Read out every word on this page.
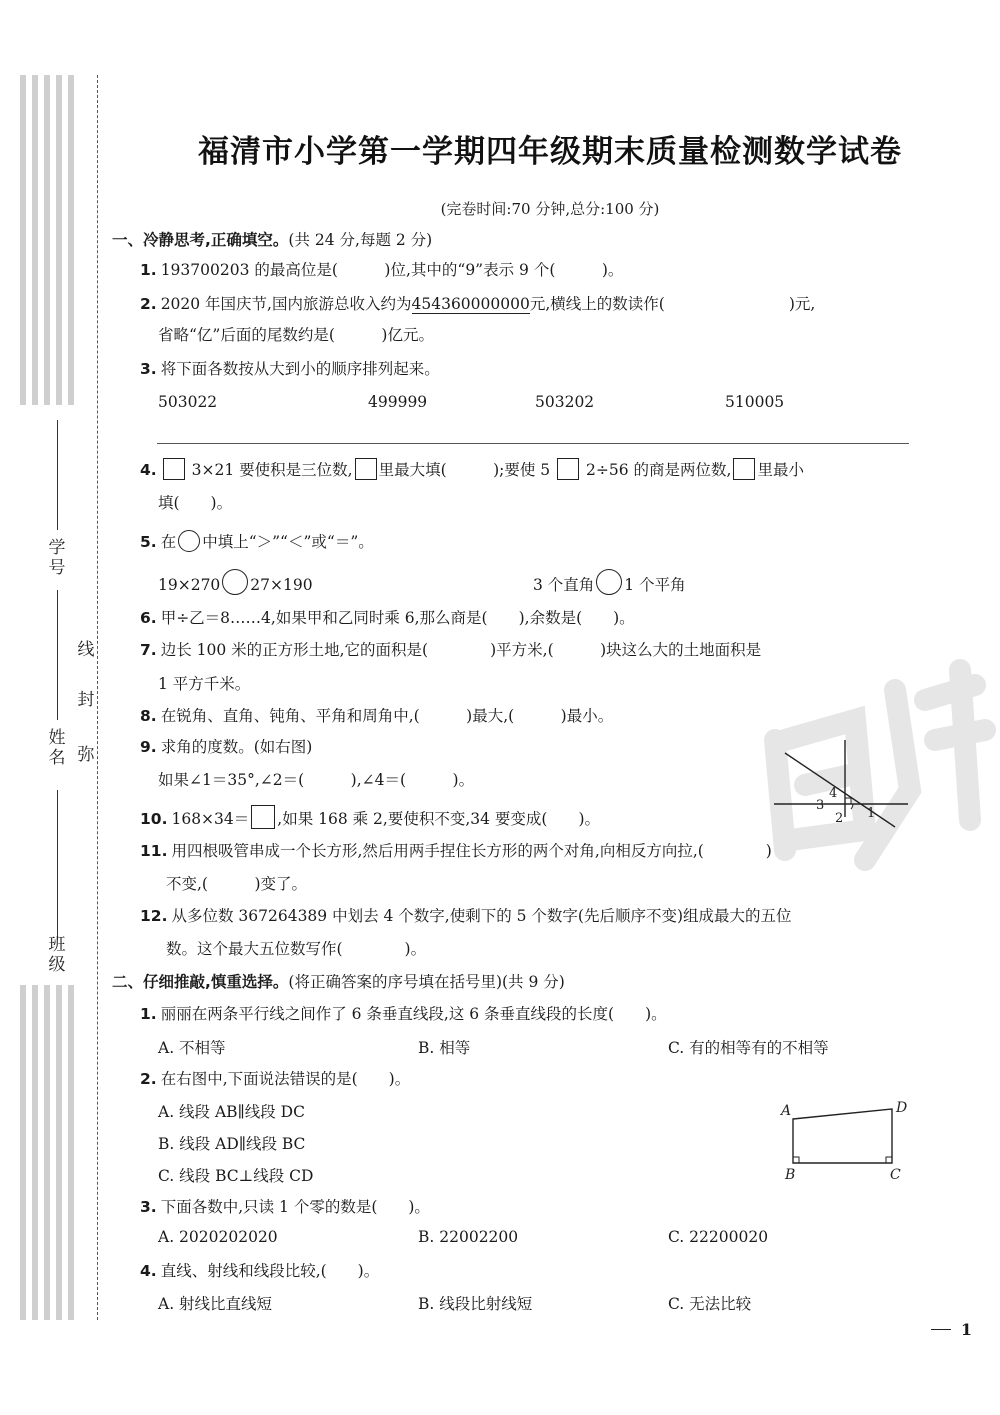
学号
姓名
班级
线
封
弥
福清市小学第一学期四年级期末质量检测数学试卷
(完卷时间:70 分钟,总分:100 分)
一、冷静思考,正确填空。(共 24 分,每题 2 分)
1. 193700203 的最高位是(　　　)位,其中的“9”表示 9 个(　　　)。
2. 2020 年国庆节,国内旅游总收入约为454360000000元,横线上的数读作(　　　　　　　　)元,
省略“亿”后面的尾数约是(　　　)亿元。
3. 将下面各数按从大到小的顺序排列起来。
503022	499999	503202	510005
4. 3×21 要使积是三位数, 里最大填(　　　);要使 5 2÷56 的商是两位数, 里最小
填(　　)。
5. 在 中填上“＞”“＜”或“＝”。
19×270 27×190	3 个直角 1 个平角
6. 甲÷乙＝8……4,如果甲和乙同时乘 6,那么商是(　　),余数是(　　)。
7. 边长 100 米的正方形土地,它的面积是(　　　　)平方米,(　　　)块这么大的土地面积是
1 平方千米。
8. 在锐角、直角、钝角、平角和周角中,(　　　)最大,(　　　)最小。
9. 求角的度数。(如右图)
如果∠1＝35°,∠2＝(　　　),∠4＝(　　　)。
4
3
2 1
10. 168×34＝ ,如果 168 乘 2,要使积不变,34 要变成(　　)。
11. 用四根吸管串成一个长方形,然后用两手捏住长方形的两个对角,向相反方向拉,(　　　　)
不变,(　　　)变了。
12. 从多位数 367264389 中划去 4 个数字,使剩下的 5 个数字(先后顺序不变)组成最大的五位
数。这个最大五位数写作(　　　　)。
二、仔细推敲,慎重选择。(将正确答案的序号填在括号里)(共 9 分)
1. 丽丽在两条平行线之间作了 6 条垂直线段,这 6 条垂直线段的长度(　　)。
A. 不相等	B. 相等	C. 有的相等有的不相等
2. 在右图中,下面说法错误的是(　　)。
A. 线段 AB∥线段 DC
B. 线段 AD∥线段 BC
C. 线段 BC⊥线段 CD
A	D
B	C
3. 下面各数中,只读 1 个零的数是(　　)。
A. 2020202020	B. 22002200	C. 22200020
4. 直线、射线和线段比较,(　　)。
A. 射线比直线短	B. 线段比射线短	C. 无法比较
1
